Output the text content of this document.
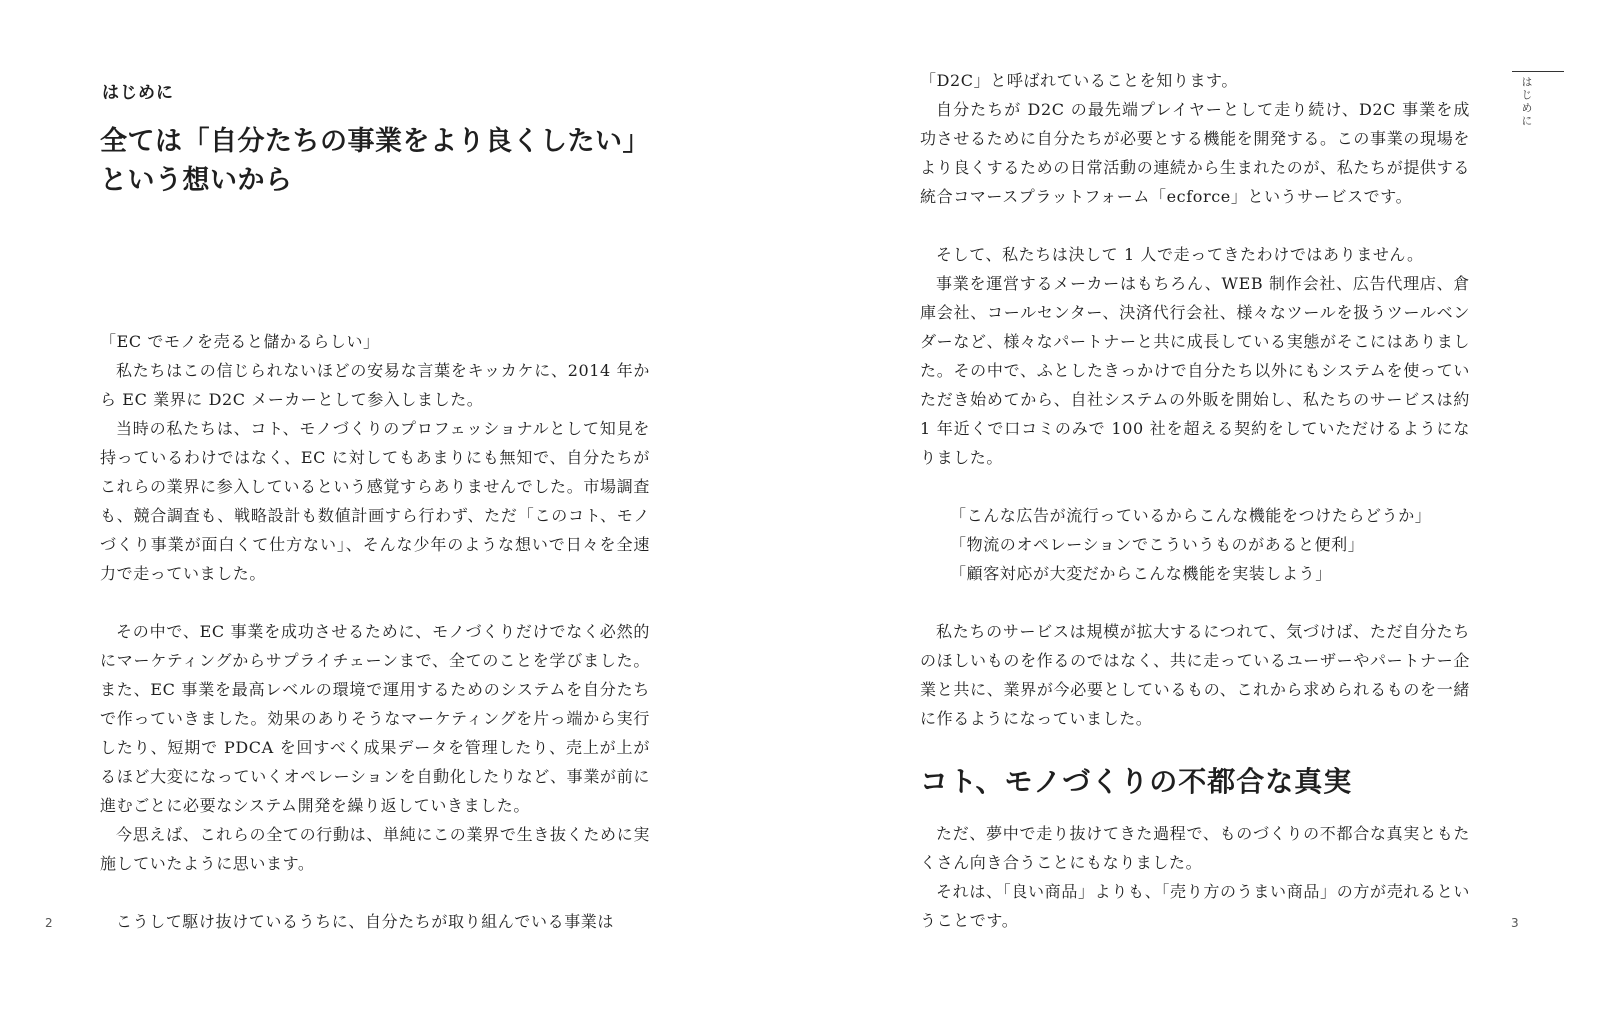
はじめに
全ては「自分たちの事業をより良くしたい」
という想いから

「EC でモノを売ると儲かるらしい」

私たちはこの信じられないほどの安易な言葉をキッカケに、2014 年から EC 業界に D2C メーカーとして参入しました。

当時の私たちは、コト、モノづくりのプロフェッショナルとして知見を持っているわけではなく、EC に対してもあまりにも無知で、自分たちがこれらの業界に参入しているという感覚すらありませんでした。市場調査も、競合調査も、戦略設計も数値計画すら行わず、ただ「このコト、モノづくり事業が面白くて仕方ない」、そんな少年のような想いで日々を全速力で走っていました。

その中で、EC 事業を成功させるために、モノづくりだけでなく必然的にマーケティングからサプライチェーンまで、全てのことを学びました。また、EC 事業を最高レベルの環境で運用するためのシステムを自分たちで作っていきました。効果のありそうなマーケティングを片っ端から実行したり、短期で PDCA を回すべく成果データを管理したり、売上が上がるほど大変になっていくオペレーションを自動化したりなど、事業が前に進むごとに必要なシステム開発を繰り返していきました。

今思えば、これらの全ての行動は、単純にこの業界で生き抜くために実施していたように思います。

こうして駆け抜けているうちに、自分たちが取り組んでいる事業は

2
はじめに

「D2C」と呼ばれていることを知ります。

自分たちが D2C の最先端プレイヤーとして走り続け、D2C 事業を成功させるために自分たちが必要とする機能を開発する。この事業の現場をより良くするための日常活動の連続から生まれたのが、私たちが提供する統合コマースプラットフォーム「ecforce」というサービスです。

そして、私たちは決して 1 人で走ってきたわけではありません。

事業を運営するメーカーはもちろん、WEB 制作会社、広告代理店、倉庫会社、コールセンター、決済代行会社、様々なツールを扱うツールベンダーなど、様々なパートナーと共に成長している実態がそこにはありました。その中で、ふとしたきっかけで自分たち以外にもシステムを使っていただき始めてから、自社システムの外販を開始し、私たちのサービスは約 1 年近くで口コミのみで 100 社を超える契約をしていただけるようになりました。

「こんな広告が流行っているからこんな機能をつけたらどうか」

「物流のオペレーションでこういうものがあると便利」

「顧客対応が大変だからこんな機能を実装しよう」

私たちのサービスは規模が拡大するにつれて、気づけば、ただ自分たちのほしいものを作るのではなく、共に走っているユーザーやパートナー企業と共に、業界が今必要としているもの、これから求められるものを一緒に作るようになっていました。

コト、モノづくりの不都合な真実

ただ、夢中で走り抜けてきた過程で、ものづくりの不都合な真実ともたくさん向き合うことにもなりました。

それは、「良い商品」よりも、「売り方のうまい商品」の方が売れるということです。	3
